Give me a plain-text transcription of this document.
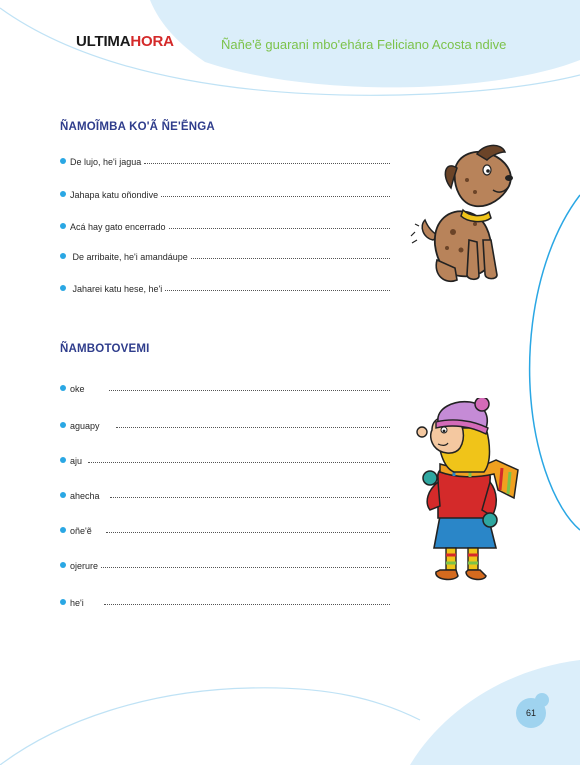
ULTIMAHORA	Ñañe'ẽ guarani mbo'ehára Feliciano Acosta ndive
ÑAMOĨMBA KO'Ã ÑE'ẼNGA
De lujo, he'i jagua
Jahapa katu oñondive
Acá hay gato encerrado
De arribaite, he'i amandáupe
Jaharei katu hese, he'i
ÑAMBOTOVEMI
oke
aguapy
aju
ahecha
oñe'ẽ
ojerure
he'i
61
